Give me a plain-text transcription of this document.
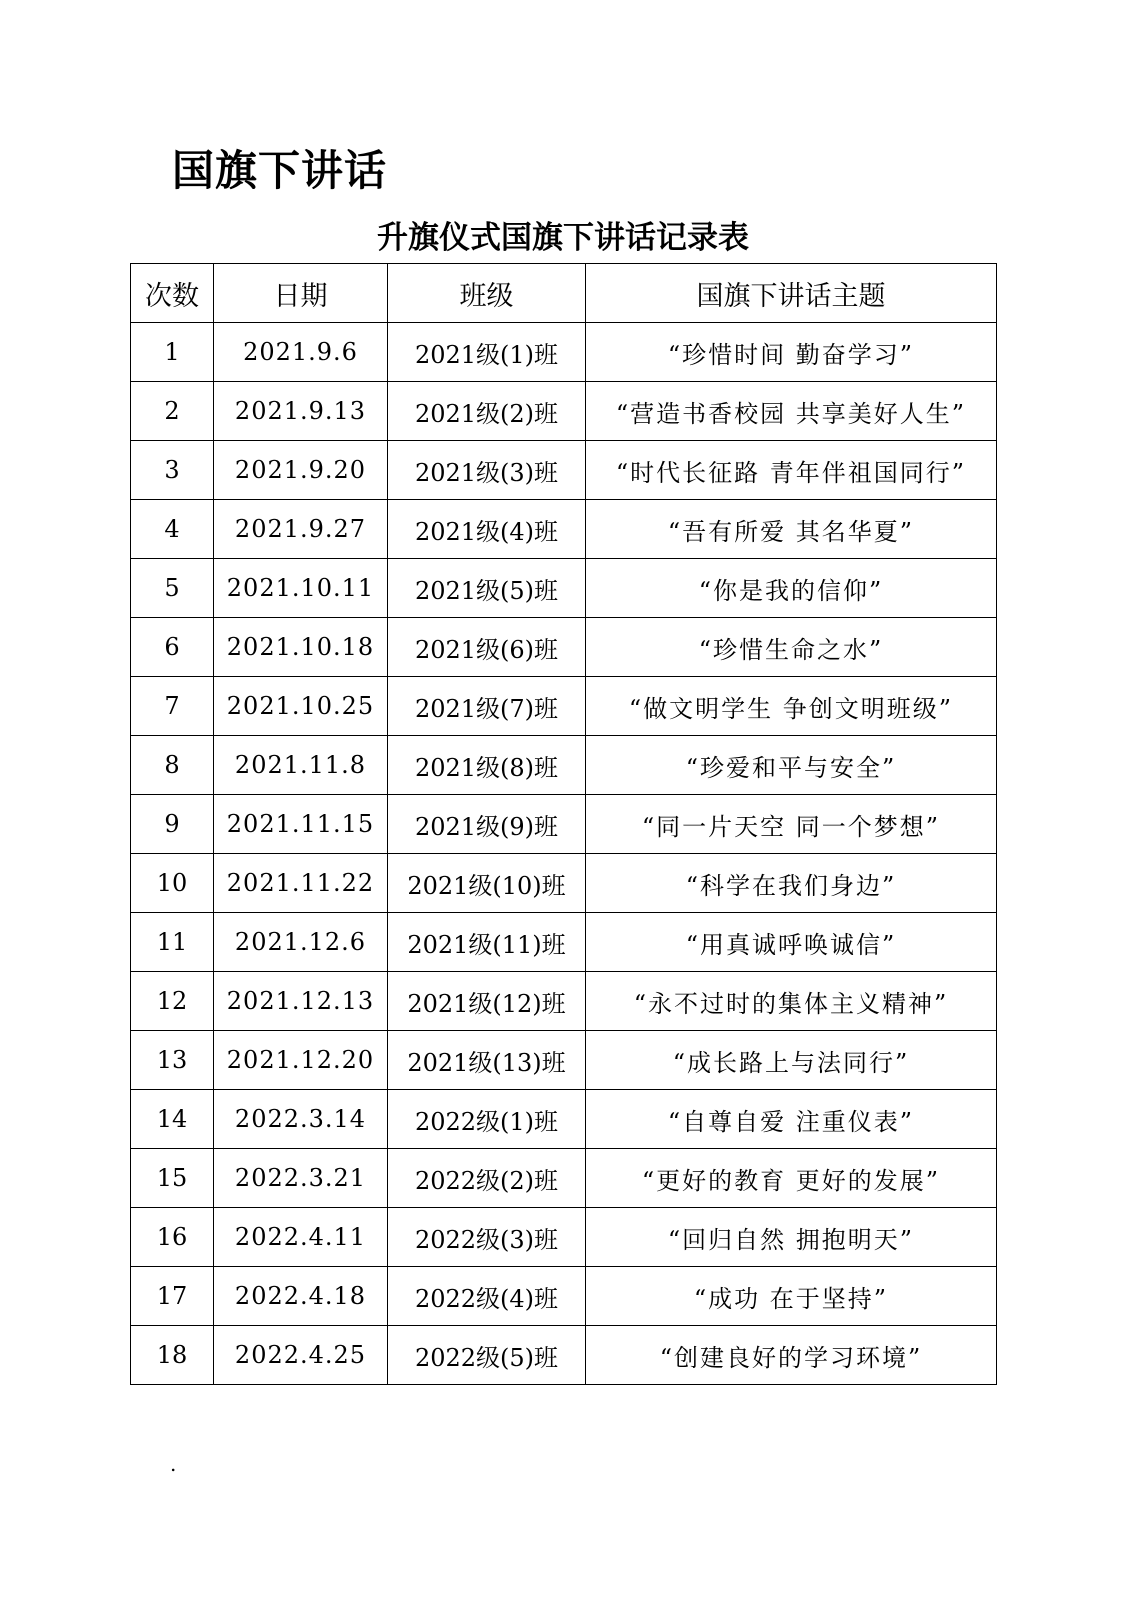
国旗下讲话
升旗仪式国旗下讲话记录表
次数	日期	班级	国旗下讲话主题
1	2021.9.6	2021级(1)班	“珍惜时间 勤奋学习”
2	2021.9.13	2021级(2)班	“营造书香校园 共享美好人生”
3	2021.9.20	2021级(3)班	“时代长征路 青年伴祖国同行”
4	2021.9.27	2021级(4)班	“吾有所爱 其名华夏”
5	2021.10.11	2021级(5)班	“你是我的信仰”
6	2021.10.18	2021级(6)班	“珍惜生命之水”
7	2021.10.25	2021级(7)班	“做文明学生 争创文明班级”
8	2021.11.8	2021级(8)班	“珍爱和平与安全”
9	2021.11.15	2021级(9)班	“同一片天空 同一个梦想”
10	2021.11.22	2021级(10)班	“科学在我们身边”
11	2021.12.6	2021级(11)班	“用真诚呼唤诚信”
12	2021.12.13	2021级(12)班	“永不过时的集体主义精神”
13	2021.12.20	2021级(13)班	“成长路上与法同行”
14	2022.3.14	2022级(1)班	“自尊自爱 注重仪表”
15	2022.3.21	2022级(2)班	“更好的教育 更好的发展”
16	2022.4.11	2022级(3)班	“回归自然 拥抱明天”
17	2022.4.18	2022级(4)班	“成功 在于坚持”
18	2022.4.25	2022级(5)班	“创建良好的学习环境”
.
